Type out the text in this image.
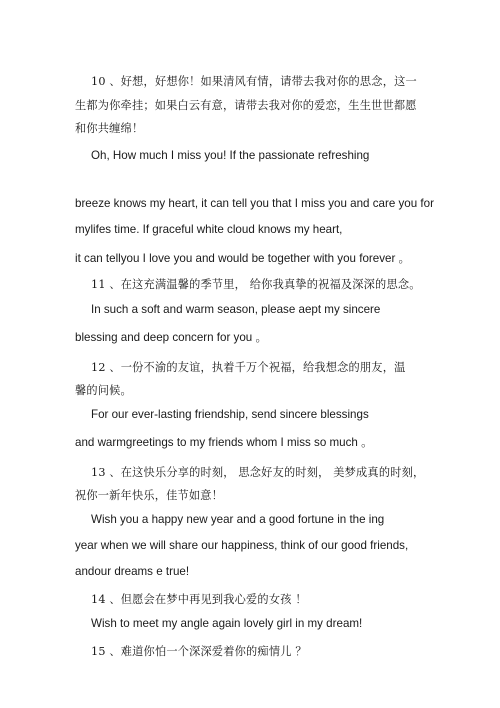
10 、好想，好想你！如果清风有情，请带去我对你的思念，这一

生都为你牵挂；如果白云有意，请带去我对你的爱恋，生生世世都愿

和你共缠绵！

Oh, How much I miss you! If the passionate refreshing

breeze knows my heart, it can tell you that I miss you and care you for

mylifes time. If graceful white cloud knows my heart,

it can tellyou I love you and would be together with you forever 。

11 、在这充满温馨的季节里， 给你我真挚的祝福及深深的思念。

In such a soft and warm season, please aept my sincere

blessing and deep concern for you 。

12 、一份不渝的友谊，执着千万个祝福，给我想念的朋友，温

馨的问候。

For our ever-lasting friendship, send sincere blessings

and warmgreetings to my friends whom I miss so much 。

13 、在这快乐分享的时刻， 思念好友的时刻， 美梦成真的时刻，

祝你一新年快乐，佳节如意！

Wish you a happy new year and a good fortune in the ing

year when we will share our happiness, think of our good friends,

andour dreams e true!

14 、但愿会在梦中再见到我心爱的女孩 ！

Wish to meet my angle again lovely girl in my dream!

15 、难道你怕一个深深爱着你的痴情儿 ？
